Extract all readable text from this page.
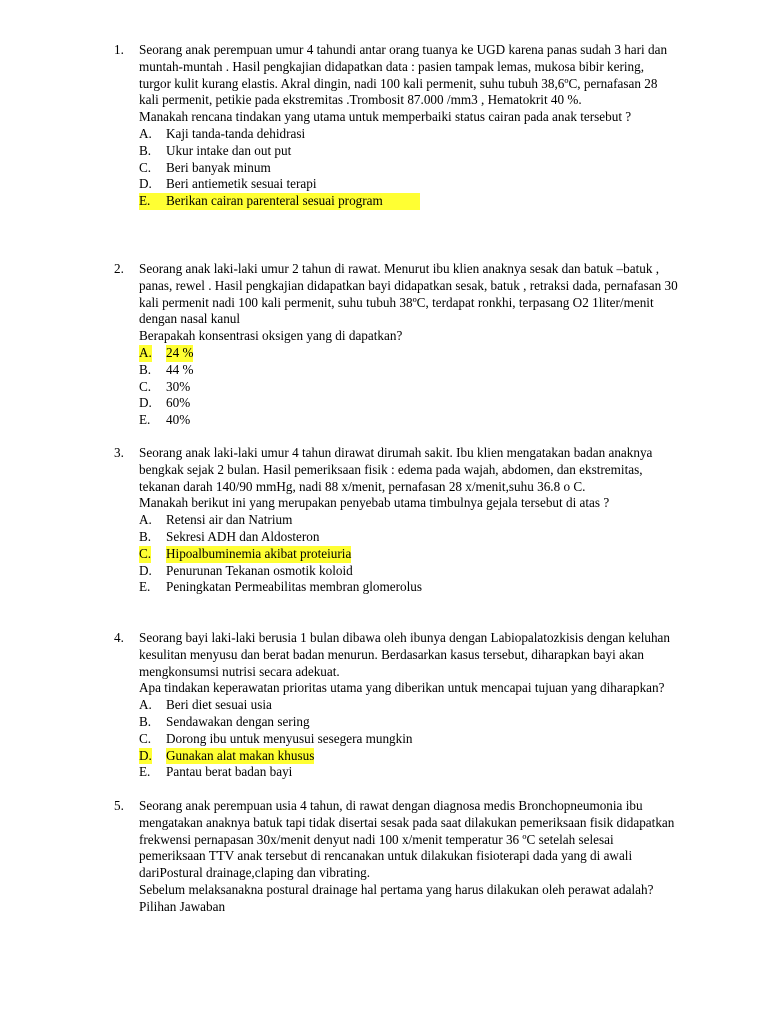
1. Seorang anak perempuan umur 4 tahundi antar orang tuanya ke UGD karena panas sudah 3 hari dan muntah-muntah . Hasil pengkajian didapatkan data : pasien tampak lemas, mukosa bibir kering, turgor kulit kurang elastis. Akral dingin, nadi 100 kali permenit, suhu tubuh 38,6ºC, pernafasan 28 kali permenit, petikie pada ekstremitas .Trombosit 87.000 /mm3 , Hematokrit 40 %.

Manakah rencana tindakan yang utama untuk memperbaiki status cairan pada anak tersebut ?

A. Kaji tanda-tanda dehidrasi
B. Ukur intake dan out put
C. Beri banyak minum
D. Beri antiemetik sesuai terapi
E. Berikan cairan parenteral sesuai program
2. Seorang anak laki-laki umur 2 tahun di rawat. Menurut ibu klien anaknya sesak dan batuk –batuk , panas, rewel . Hasil pengkajian didapatkan bayi didapatkan sesak, batuk , retraksi dada, pernafasan 30 kali permenit nadi 100 kali permenit, suhu tubuh 38ºC, terdapat ronkhi, terpasang O2 1liter/menit dengan nasal kanul

Berapakah konsentrasi oksigen yang di dapatkan?

A. 24 %
B. 44 %
C. 30%
D. 60%
E. 40%
3. Seorang anak laki-laki umur 4 tahun dirawat dirumah sakit. Ibu klien mengatakan badan anaknya bengkak sejak 2 bulan. Hasil pemeriksaan fisik : edema pada wajah, abdomen, dan ekstremitas, tekanan darah 140/90 mmHg, nadi 88 x/menit, pernafasan 28 x/menit,suhu 36.8 o C.

Manakah berikut ini yang merupakan penyebab utama timbulnya gejala tersebut di atas ?

A. Retensi air dan Natrium
B. Sekresi ADH dan Aldosteron
C. Hipoalbuminemia akibat proteiuria
D. Penurunan Tekanan osmotik koloid
E. Peningkatan Permeabilitas membran glomerolus
4. Seorang bayi laki-laki berusia 1 bulan dibawa oleh ibunya dengan Labiopalatozkisis dengan keluhan kesulitan menyusu dan berat badan menurun. Berdasarkan kasus tersebut, diharapkan bayi akan mengkonsumsi nutrisi secara adekuat.

Apa tindakan keperawatan prioritas utama yang diberikan untuk mencapai tujuan yang diharapkan?

A. Beri diet sesuai usia
B. Sendawakan dengan sering
C. Dorong ibu untuk menyusui sesegera mungkin
D. Gunakan alat makan khusus
E. Pantau berat badan bayi
5. Seorang anak perempuan usia 4 tahun, di rawat dengan diagnosa medis Bronchopneumonia ibu mengatakan anaknya batuk tapi tidak disertai sesak pada saat dilakukan pemeriksaan fisik didapatkan frekwensi pernapasan 30x/menit denyut nadi 100 x/menit temperatur 36 ºC setelah selesai pemeriksaan TTV anak tersebut di rencanakan untuk dilakukan fisioterapi dada yang di awali dariPostural drainage,claping dan vibrating.

Sebelum melaksanakna postural drainage hal pertama yang harus dilakukan oleh perawat adalah?Pilihan Jawaban
